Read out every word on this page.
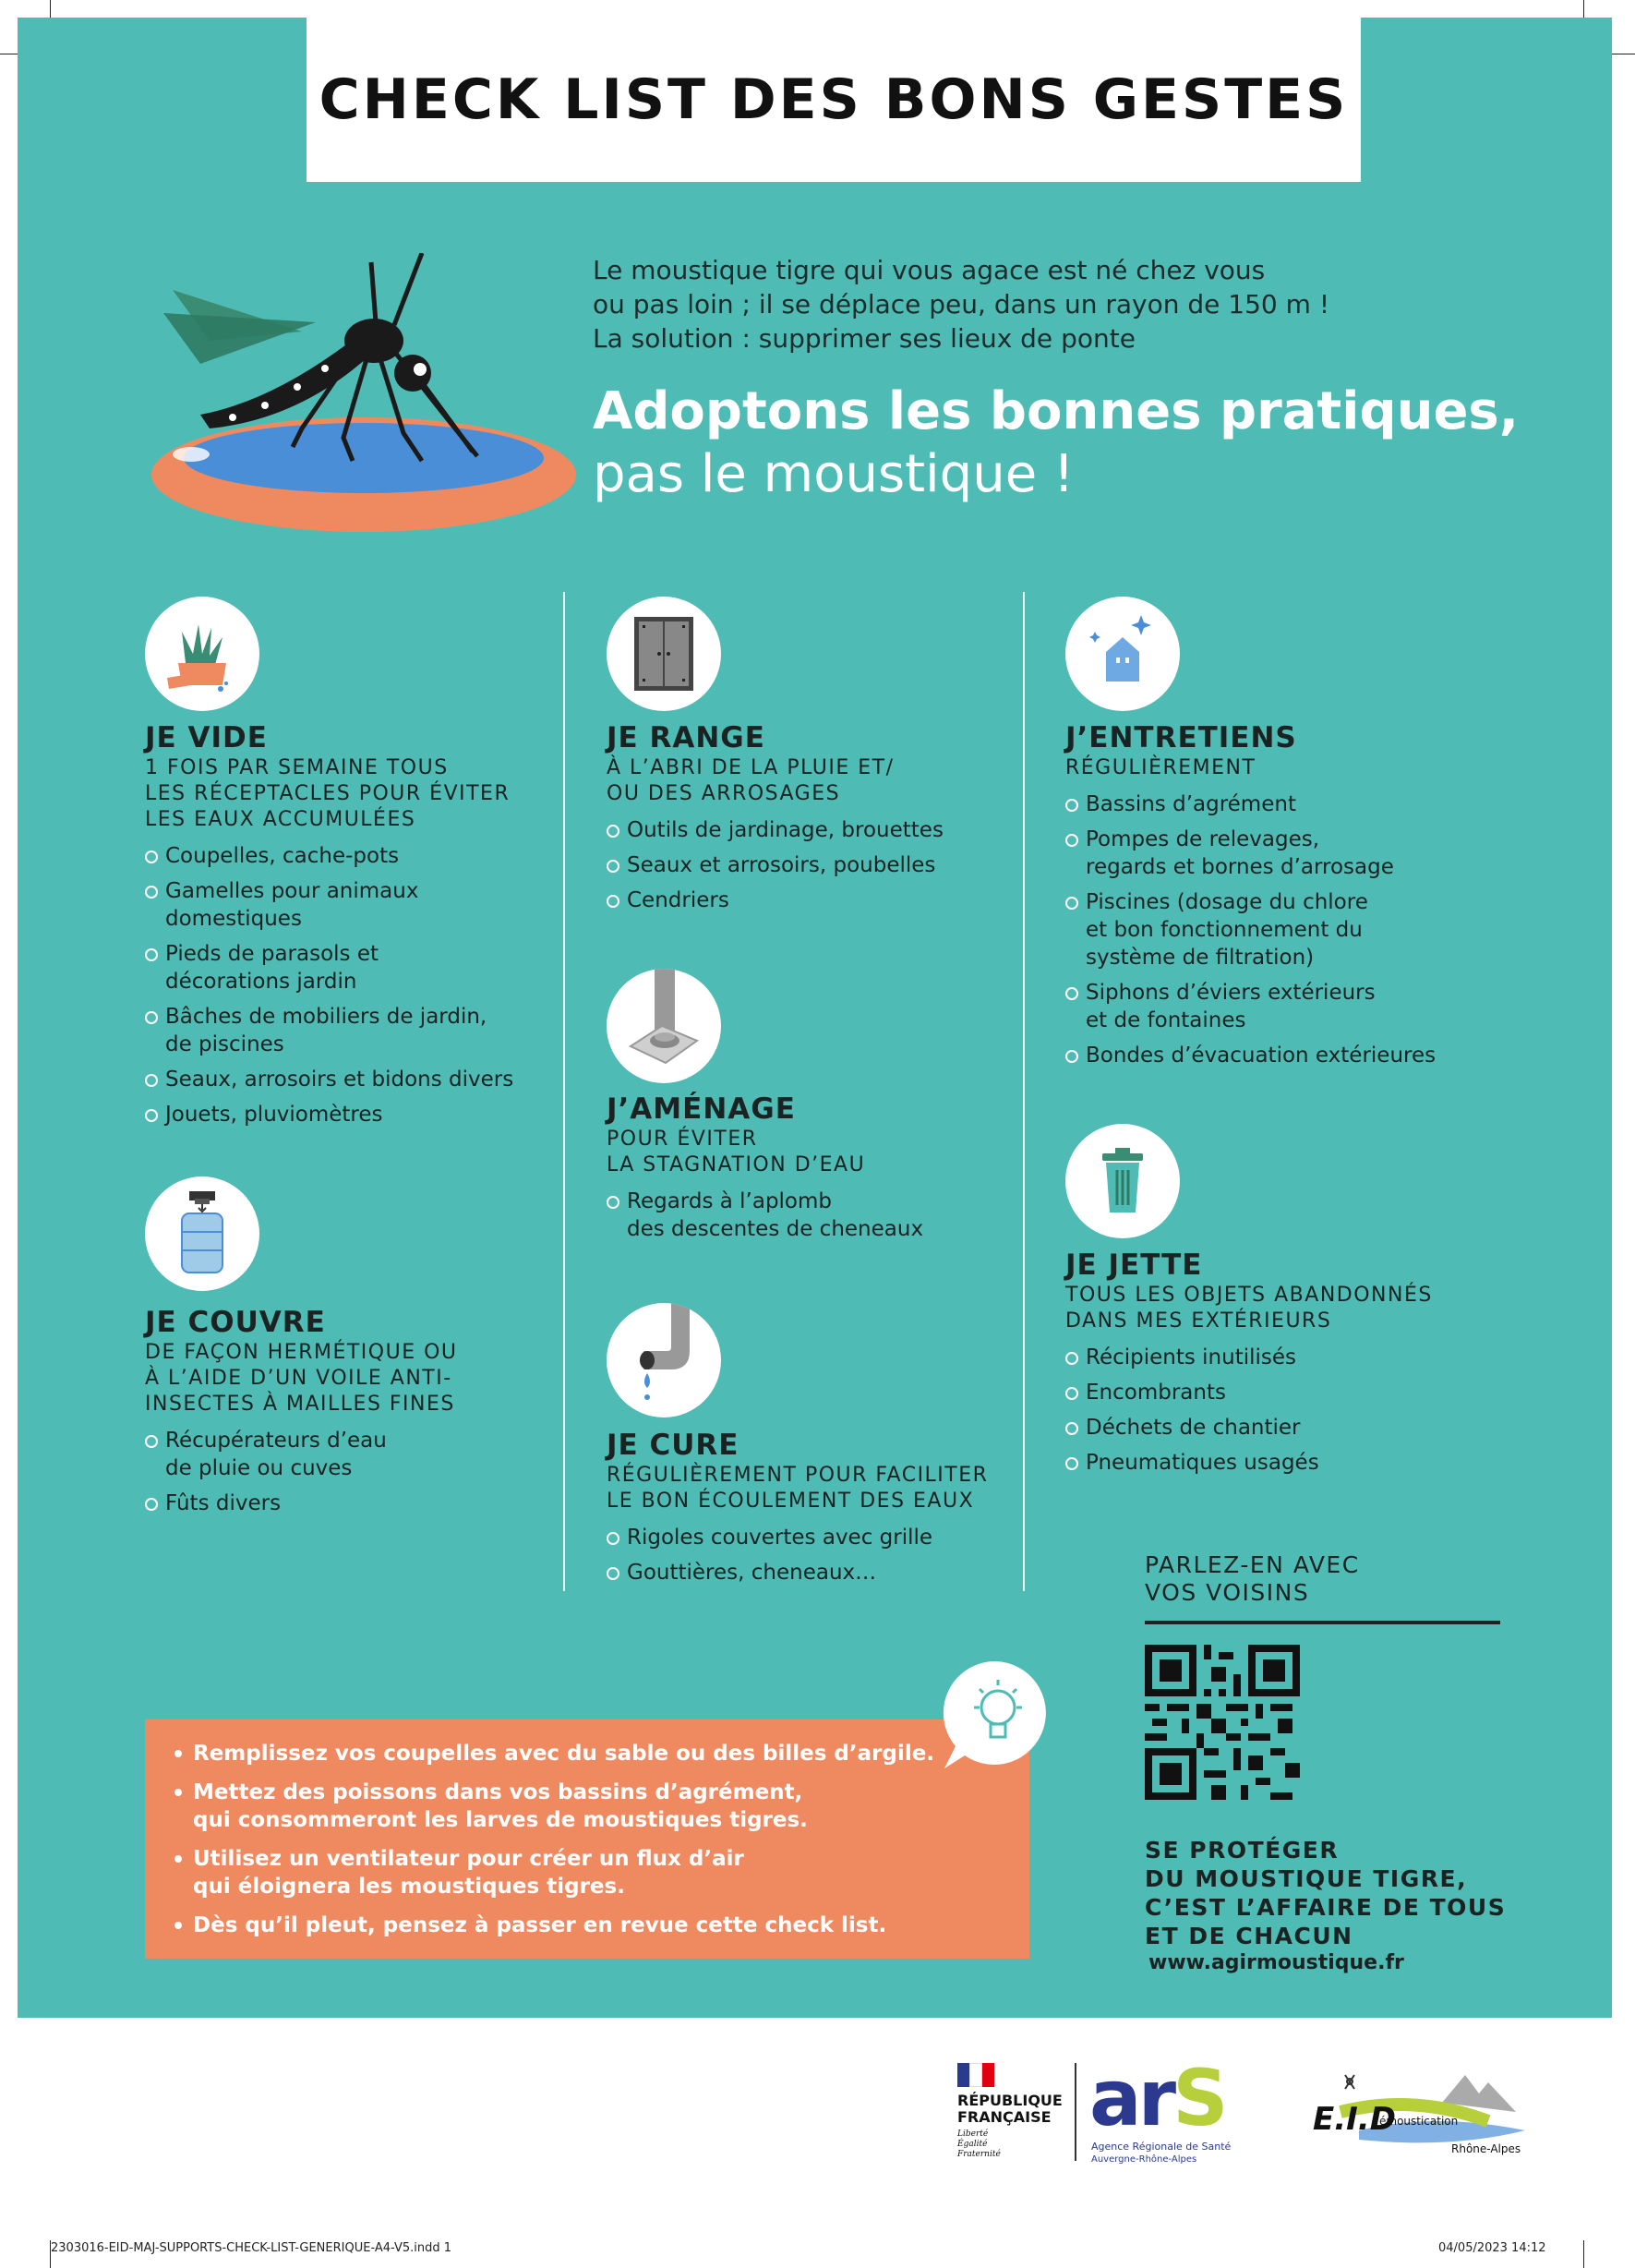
CHECK LIST DES BONS GESTES
Le moustique tigre qui vous agace est né chez vous
ou pas loin ; il se déplace peu, dans un rayon de 150 m !
La solution : supprimer ses lieux de ponte
Adoptons les bonnes pratiques,
pas le moustique !
JE VIDE
1 FOIS PAR SEMAINE TOUS
LES RÉCEPTACLES POUR ÉVITER
LES EAUX ACCUMULÉES
Coupelles, cache-pots
Gamelles pour animaux
domestiques
Pieds de parasols et
décorations jardin
Bâches de mobiliers de jardin,
de piscines
Seaux, arrosoirs et bidons divers
Jouets, pluviomètres
JE COUVRE
DE FAÇON HERMÉTIQUE OU
À L’AIDE D’UN VOILE ANTI-
INSECTES À MAILLES FINES
Récupérateurs d’eau
de pluie ou cuves
Fûts divers
JE RANGE
À L’ABRI DE LA PLUIE ET/
OU DES ARROSAGES
Outils de jardinage, brouettes
Seaux et arrosoirs, poubelles
Cendriers
J’AMÉNAGE
POUR ÉVITER
LA STAGNATION D’EAU
Regards à l’aplomb
des descentes de cheneaux
JE CURE
RÉGULIÈREMENT POUR FACILITER
LE BON ÉCOULEMENT DES EAUX
Rigoles couvertes avec grille
Gouttières, cheneaux…
J’ENTRETIENS
RÉGULIÈREMENT
Bassins d’agrément
Pompes de relevages,
regards et bornes d’arrosage
Piscines (dosage du chlore
et bon fonctionnement du
système de filtration)
Siphons d’éviers extérieurs
et de fontaines
Bondes d’évacuation extérieures
JE JETTE
TOUS LES OBJETS ABANDONNÉS
DANS MES EXTÉRIEURS
Récipients inutilisés
Encombrants
Déchets de chantier
Pneumatiques usagés
Remplissez vos coupelles avec du sable ou des billes d’argile.
Mettez des poissons dans vos bassins d’agrément,
qui consommeront les larves de moustiques tigres.
Utilisez un ventilateur pour créer un flux d’air
qui éloignera les moustiques tigres.
Dès qu’il pleut, pensez à passer en revue cette check list.
PARLEZ-EN AVEC
VOS VOISINS
SE PROTÉGER
DU MOUSTIQUE TIGRE,
C’EST L’AFFAIRE DE TOUS
ET DE CHACUN
www.agirmoustique.fr
RÉPUBLIQUE
FRANÇAISE
Liberté
Égalité
Fraternité
arS
Agence Régionale de Santé
Auvergne-Rhône-Alpes
E.I.D
émoustication
Rhône-Alpes
2303016-EID-MAJ-SUPPORTS-CHECK-LIST-GENERIQUE-A4-V5.indd 1	04/05/2023 14:12
